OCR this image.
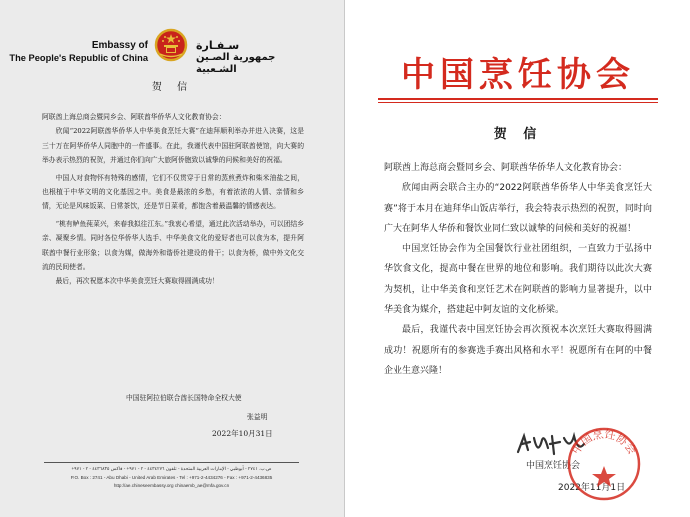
Embassy of
The People's Republic of China
سـفـارة
جمهورية الصـين الشـعبية
贺 信

阿联酋上海总商会暨同乡会、阿联酋华侨华人文化教育协会：

欣闻“2022阿联酋华侨华人中华美食烹饪大赛”在迪拜顺利举办并进入决赛，这是三十万在阿华侨华人同胞中的一件盛事。在此，我谨代表中国驻阿联酋使馆，向大赛的举办表示热烈的祝贺，并通过你们向广大旅阿侨胞致以诚挚的问候和美好的祝福。

中国人对食物怀有特殊的感情，它们不仅贯穿于日常的蒸煎煮炸和柴米油盐之间，也根植于中华文明的文化基因之中。美食是最浓的乡愁，有着浓浓的人情、亲情和乡情，无论是风味饭菜、日常茶饮，还是节日菜肴，都饱含着最温馨的情感表达。

“桃有鲈鱼莼菜兴，来春我拟往江东。”我衷心希望，通过此次活动举办，可以团结乡亲、凝聚乡情。同时各位华侨华人选手、中华美食文化的爱好者也可以食为本，提升阿联酋中餐行业形象；以食为媒，做海外和谐侨社建设的骨干；以食为桥，做中外文化交流的民间使者。

最后，再次祝愿本次中华美食烹饪大赛取得圆满成功！

中国驻阿拉伯联合酋长国特命全权大使
张益明
2022年10月31日
ص.ب. ٢٧٤١ - أبوظبي - الإمارات العربية المتحدة - تلفون ٤٤٣٤٢٧٦ - ٢ - ٩٧١+ - فاكس ٤٤٣٦٨٣٥ - ٢ - ٩٧١+
P.O. Box : 2741 - Abu Dhabi - United Arab Emirates - Tel : +971-2-4434276 - Fax : +971-2-4436835
http://ae.chineseembassy.org chinaemb_ae@mfa.gov.cn
中国烹饪协会
贺 信

阿联酋上海总商会暨同乡会、阿联酋华侨华人文化教育协会：

欣闻由两会联合主办的“2022阿联酋华侨华人中华美食烹饪大赛”将于本月在迪拜华山饭店举行，我会特表示热烈的祝贺，同时向广大在阿华人华侨和餐饮业同仁致以诚挚的问候和美好的祝福！

中国烹饪协会作为全国餐饮行业社团组织，一直致力于弘扬中华饮食文化，提高中餐在世界的地位和影响。我们期待以此次大赛为契机，让中华美食和烹饪艺术在阿联酋的影响力显著提升，以中华美食为媒介，搭建起中阿友谊的文化桥梁。

最后，我谨代表中国烹饪协会再次预祝本次烹饪大赛取得圆满成功！祝愿所有的参赛选手赛出风格和水平！祝愿所有在阿的中餐企业生意兴隆！

中国烹饪协会
2022年11月1日
中国烹饪协会
